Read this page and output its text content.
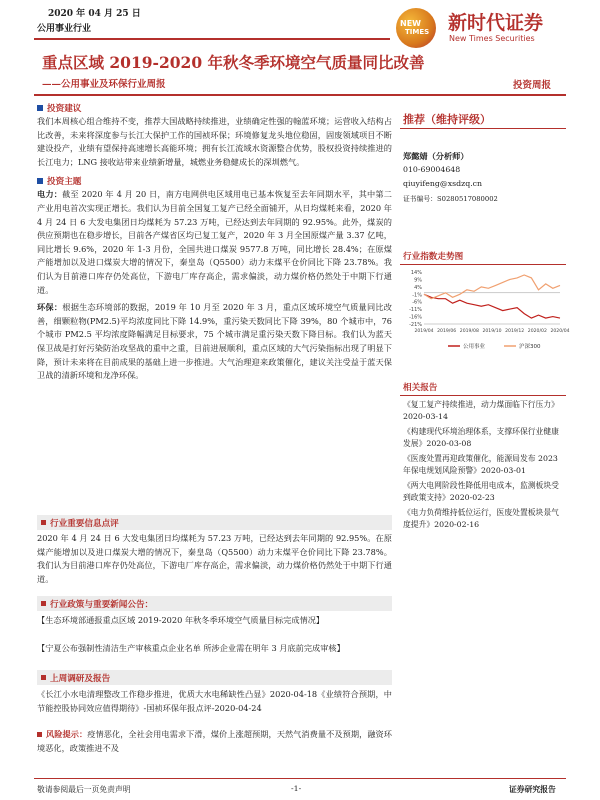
2020 年 04 月 25 日
公用事业行业
NEW
TIMES 新时代证券
New Times Securities
重点区域 2019-2020 年秋冬季环境空气质量同比改善
——公用事业及环保行业周报	投资周报
投资建议
我们本周核心组合维持不变，推荐大国战略持续推进，业绩确定性强的翰蓝环境；运营收入结构占比改善，未来将深度参与长江大保护工作的国祯环保；环境修复龙头地位稳固，固废领域项目不断建设投产，业绩有望保持高速增长高能环境；拥有长江流域水资源整合优势，股权投资持续推进的长江电力；LNG 接收站带来业绩新增量，城燃业务稳健成长的深圳燃气。
投资主题
电力：截至 2020 年 4 月 20 日，南方电网供电区域用电已基本恢复至去年同期水平，其中第二产业用电首次实现正增长。我们认为目前全国复工复产已经全面铺开，从日均煤耗来看，2020 年 4 月 24 日 6 大发电集团日均煤耗为 57.23 万吨，已经达到去年同期的 92.95%。此外，煤炭的供应预期也在稳步增长，目前各产煤省区均已复工复产，2020 年 3 月全国原煤产量 3.37 亿吨，同比增长 9.6%，2020 年 1-3 月份，全国共进口煤炭 9577.8 万吨，同比增长 28.4%；在原煤产能增加以及进口煤炭大增的情况下，秦皇岛（Q5500）动力末煤平仓价同比下降 23.78%。我们认为目前港口库存仍处高位，下游电厂库存高企，需求偏淡，动力煤价格仍然处于中期下行通道。
环保：根据生态环境部的数据，2019 年 10 月至 2020 年 3 月，重点区域环境空气质量同比改善，细颗粒物(PM2.5)平均浓度同比下降 14.9%，重污染天数同比下降 39%，80 个城市中，76 个城市 PM2.5 平均浓度降幅满足目标要求，75 个城市满足重污染天数下降目标。我们认为蓝天保卫战是打好污染防治攻坚战的重中之重，目前进展顺利，重点区域的大气污染指标出现了明显下降，预计未来将在目前成果的基础上进一步推进。大气治理迎来政策催化，建议关注受益于蓝天保卫战的清新环境和龙净环保。
行业重要信息点评
2020 年 4 月 24 日 6 大发电集团日均煤耗为 57.23 万吨，已经达到去年同期的 92.95%。在原煤产能增加以及进口煤炭大增的情况下，秦皇岛（Q5500）动力末煤平仓价同比下降 23.78%。我们认为目前港口库存仍处高位，下游电厂库存高企，需求偏淡，动力煤价格仍然处于中期下行通道。
行业政策与重要新闻公告：
【生态环境部通报重点区域 2019-2020 年秋冬季环境空气质量目标完成情况】
【宁夏公布强制性清洁生产审核重点企业名单 所涉企业需在明年 3 月底前完成审核】
上周调研及报告
《长江小水电清理整改工作稳步推进，优质大水电稀缺性凸显》2020-04-18《业绩符合预期，中节能控股协同效应值得期待》-国祯环保年报点评-2020-04-24
风险提示：疫情恶化，全社会用电需求下滑，煤价上涨超预期，天然气消费量不及预期，融资环境恶化，政策推进不及
推荐（维持评级）
郑懿婧（分析师）
010-69004648
qiuyifeng@xsdzq.cn
证书编号：S0280517080002
行业指数走势图
14%
9%
4%
-1%
-6%
-11%
-16%
-21%
2019/04 2019/06 2019/08 2019/10 2019/12 2020/02 2020/04
公用事业	沪深300
相关报告
《复工复产持续推进，动力煤面临下行压力》2020-03-14
《构建现代环境治理体系，支撑环保行业健康发展》2020-03-08
《医废处置再迎政策催化，能源局发布 2023 年保电规划风险预警》2020-03-01
《两大电网阶段性降低用电成本，监测板块受到政策支持》2020-02-23
《电力负荷维持低位运行，医废处置板块景气度提升》2020-02-16
敬请参阅最后一页免责声明	-1-	证券研究报告
